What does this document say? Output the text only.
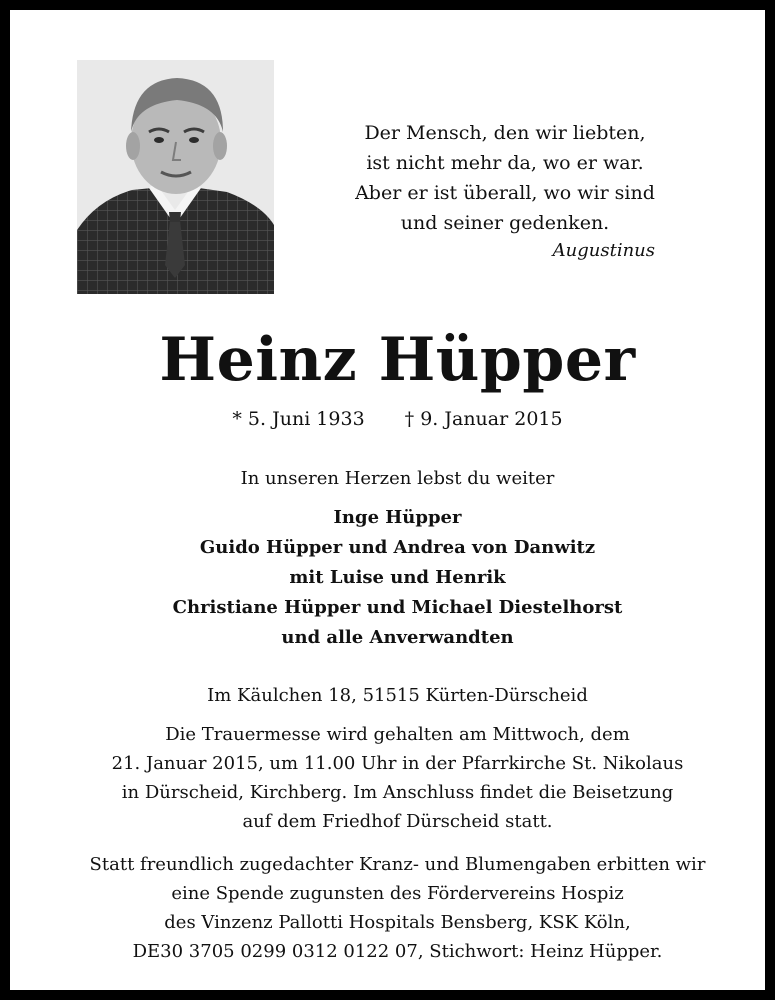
Der Mensch, den wir liebten,
ist nicht mehr da, wo er war.
Aber er ist überall, wo wir sind
und seiner gedenken.
Augustinus
Heinz Hüpper
* 5. Juni 1933 † 9. Januar 2015
In unseren Herzen lebst du weiter
Inge Hüpper
Guido Hüpper und Andrea von Danwitz
mit Luise und Henrik
Christiane Hüpper und Michael Diestelhorst
und alle Anverwandten
Im Käulchen 18, 51515 Kürten-Dürscheid
Die Trauermesse wird gehalten am Mittwoch, dem
21. Januar 2015, um 11.00 Uhr in der Pfarrkirche St. Nikolaus
in Dürscheid, Kirchberg. Im Anschluss findet die Beisetzung
auf dem Friedhof Dürscheid statt.
Statt freundlich zugedachter Kranz- und Blumengaben erbitten wir
eine Spende zugunsten des Fördervereins Hospiz
des Vinzenz Pallotti Hospitals Bensberg, KSK Köln,
DE30 3705 0299 0312 0122 07, Stichwort: Heinz Hüpper.
